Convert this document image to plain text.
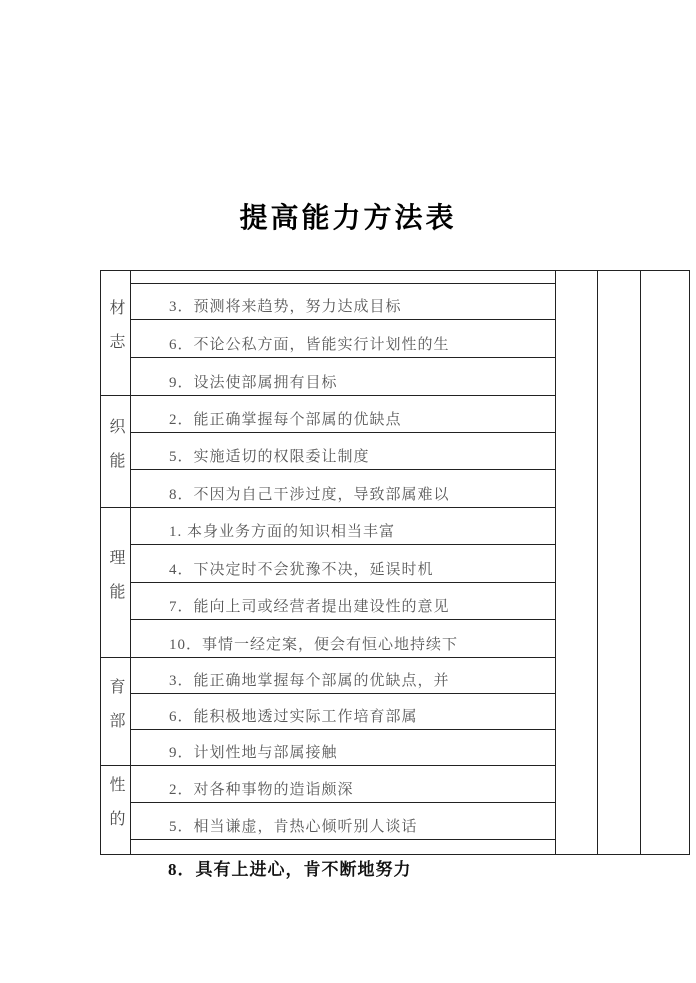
提高能力方法表
材志
织能
理能
育部
性的
3．预测将来趋势，努力达成目标
6．不论公私方面，皆能实行计划性的生
9．设法使部属拥有目标
2．能正确掌握每个部属的优缺点
5．实施适切的权限委让制度
8．不因为自己干涉过度，导致部属难以
1. 本身业务方面的知识相当丰富
4．下决定时不会犹豫不决，延误时机
7．能向上司或经营者提出建设性的意见
10．事情一经定案，便会有恒心地持续下
3．能正确地掌握每个部属的优缺点，并
6．能积极地透过实际工作培育部属
9．计划性地与部属接触
2．对各种事物的造诣颇深
5．相当谦虚，肯热心倾听别人谈话
8．具有上进心，肯不断地努力
